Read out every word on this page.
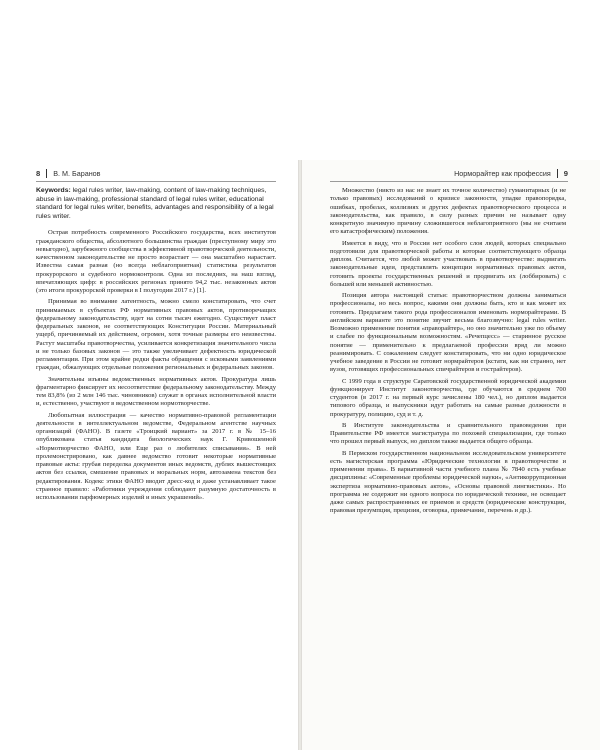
8 В. М. Баранов	Норморайтер как профессия 9

Keywords: legal rules writer, law-making, content of law-making techniques, abuse in law-making, professional standard of legal rules writer, educational standard for legal rules writer, benefits, advantages and responsibility of a legal rules writer.

Острая потребность современного Российского государства, всех институтов гражданского общества, абсолютного большинства граждан (преступному миру это невыгодно), зарубежного сообщества в эффективной правотворческой деятельности, качественном законодательстве не просто возрастает — она масштабно нарастает. Известна самая разная (но всегда неблагоприятная) статистика результатов прокурорского и судебного нормоконтроля. Одна из последних, на наш взгляд, впечатляющих цифр: в российских регионах принято 94,2 тыс. незаконных актов (это итоги прокурорской проверки в I полугодии 2017 г.) [1].

Принимая во внимание латентность, можно смело констатировать, что счет принимаемых в субъектах РФ нормативных правовых актов, противоречащих федеральному законодательству, идет на сотни тысяч ежегодно. Существует пласт федеральных законов, не соответствующих Конституции России. Материальный ущерб, причиняемый их действием, огромен, хотя точные размеры его неизвестны. Растут масштабы правотворчества, усиливается конкретизация значительного числа и не только базовых законов — это также увеличивает дефектность юридической регламентации. При этом крайне редки факты обращения с исковыми заявлениями граждан, обжалующих отдельные положения региональных и федеральных законов.

Значительны изъяны ведомственных нормативных актов. Прокуратура лишь фрагментарно фиксирует их несоответствие федеральному законодательству. Между тем 83,8% (из 2 млн 146 тыс. чиновников) служат в органах исполнительной власти и, естественно, участвуют в ведомственном нормотворчестве.

Любопытная иллюстрация — качество нормативно-правовой регламентации деятельности в интеллектуальном ведомстве, Федеральном агентстве научных организаций (ФАНО). В газете «Троицкий вариант» за 2017 г. в № 15–16 опубликована статья кандидата биологических наук Г. Кривошеиной «Нормотворчество ФАНО, или Еще раз о любителях списывания». В ней пролемонстрировано, как давнее ведомство готовит некоторые нормативные правовые акты: грубая переделка документов иных ведомств, дублях вышестоящих актов без ссылки, смешение правовых и моральных норм, автозамена текстов без редактирования. Кодекс этики ФАНО вводит дресс-код и даже устанавливает такое странное правило: «Работники учреждения соблюдают разумную достаточность в использовании парфюмерных изделий и иных украшений».

Множество (никто из нас не знает их точное количество) гуманитарных (и не только правовых) исследований о кризисе законности, упадке правопорядка, ошибках, пробелах, коллизиях и других дефектах правотворческого процесса и законодательства, как правило, в силу разных причин не называет одну конкретную значимую причину сложившегося неблагоприятного (мы не считаем его катастрофическим) положения.

Имеется в виду, что в России нет особого слоя людей, которых специально подготовили для правотворческой работы и которые соответствующего образца диплом. Считается, что любой может участвовать в правотворчестве: выдвигать законодательные идеи, представлять концепции нормативных правовых актов, готовить проекты государственных решений и продвигать их (лоббировать) с большей или меньшей активностью.

Позиция автора настоящей статьи: правотворчеством должны заниматься профессионалы, но весь вопрос, какими они должны быть, кто и как может их готовить. Предлагаем такого рода профессионалов именовать норморайтерами. В английском варианте это понятие звучит весьма благозвучно: legal rules writer. Возможно применение понятия «праворайтер», но оно значительно уже по объему и слабее по функциональным возможностям. «Речепцесс» — старинное русское понятие — применительно к предлагаемой профессии вряд ли можно реанимировать. С сожалением следует констатировать, что ни одно юридическое учебное заведение в России не готовит нормрайтеров (кстати, как ни странно, нет вузов, готовящих профессиональных спичрайтеров и гострайтеров).

С 1999 года в структуре Саратовской государственной юридической академии функционирует Институт законотворчества, где обучаются в среднем 700 студентов (в 2017 г. на первый курс зачислены 180 чел.), но диплом выдается типового образца, и выпускники идут работать на самые разные должности в прокуратуру, полицию, суд и т. д.

В Институте законодательства и сравнительного правоведения при Правительстве РФ имеется магистратура по похожей специализации, где только что прошел первый выпуск, но диплом также выдается общего образца.

В Пермском государственном национальном исследовательском университете есть магистерская программа «Юридические технологии в правотворчестве и применении права». В вариативной части учебного плана № 7840 есть учебные дисциплины: «Современные проблемы юридической науки», «Антикоррупционная экспертиза нормативно-правовых актов», «Основы правовой лингвистики». Но программа не содержит ни одного вопроса по юридической технике, не освещает даже самых распространенных ее приемов и средств (юридические конструкции, правовая презумпция, прецизия, оговорка, примечание, перечень и др.).
